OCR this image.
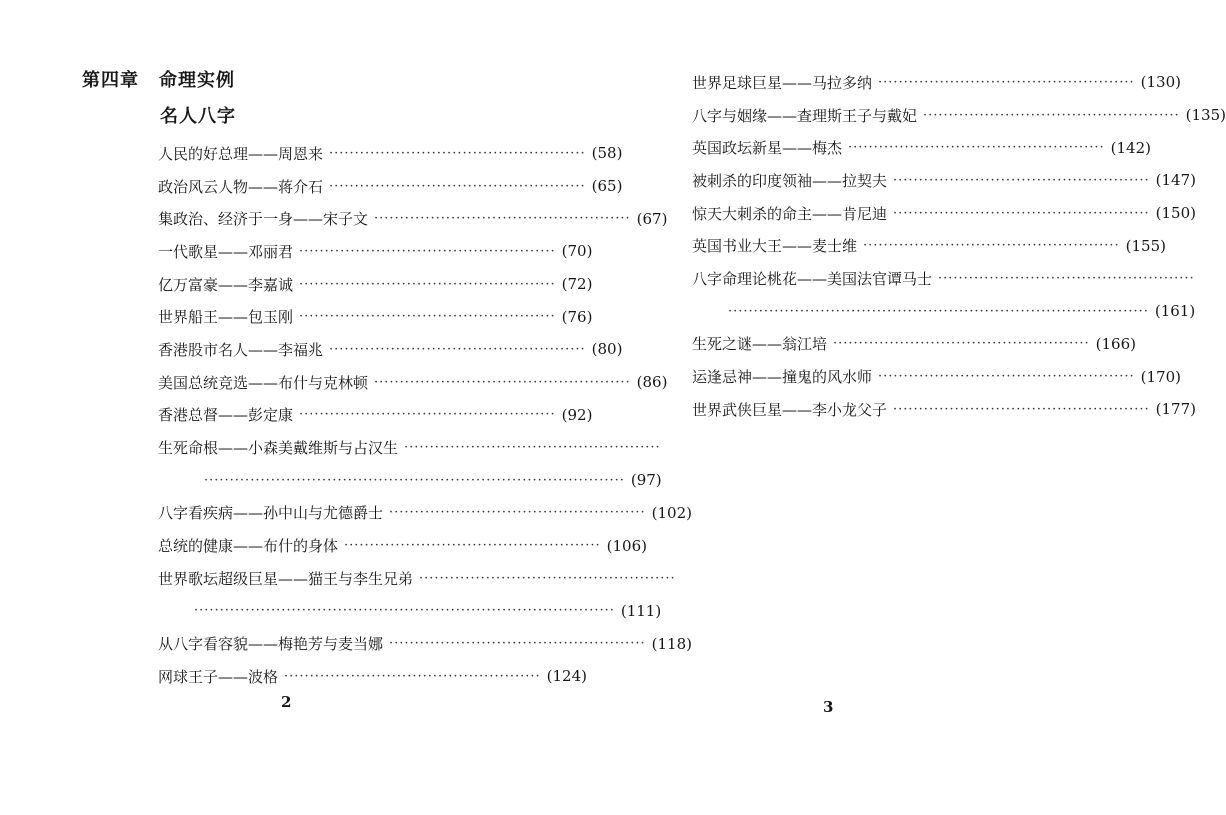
第四章 命理实例
名人八字
人民的好总理——周恩来 ·················································· (58)
政治风云人物——蒋介石 ·················································· (65)
集政治、经济于一身——宋子文 ·················································· (67)
一代歌星——邓丽君 ·················································· (70)
亿万富豪——李嘉诚 ·················································· (72)
世界船王——包玉刚 ·················································· (76)
香港股市名人——李福兆 ·················································· (80)
美国总统竞选——布什与克林顿 ·················································· (86)
香港总督——彭定康 ·················································· (92)
生死命根——小森美戴维斯与占汉生 ··················································
·················································································· (97)
八字看疾病——孙中山与尤德爵士 ·················································· (102)
总统的健康——布什的身体 ·················································· (106)
世界歌坛超级巨星——猫王与李生兄弟 ··················································
·················································································· (111)
从八字看容貌——梅艳芳与麦当娜 ·················································· (118)
网球王子——波格 ·················································· (124)
2
世界足球巨星——马拉多纳 ·················································· (130)
八字与姻缘——查理斯王子与戴妃 ·················································· (135)
英国政坛新星——梅杰 ·················································· (142)
被刺杀的印度领袖——拉契夫 ·················································· (147)
惊天大刺杀的命主——肯尼迪 ·················································· (150)
英国书业大王——麦士维 ·················································· (155)
八字命理论桃花——美国法官谭马士 ··················································
·················································································· (161)
生死之谜——翁江培 ·················································· (166)
运逢忌神——撞鬼的风水师 ·················································· (170)
世界武侠巨星——李小龙父子 ·················································· (177)
3
